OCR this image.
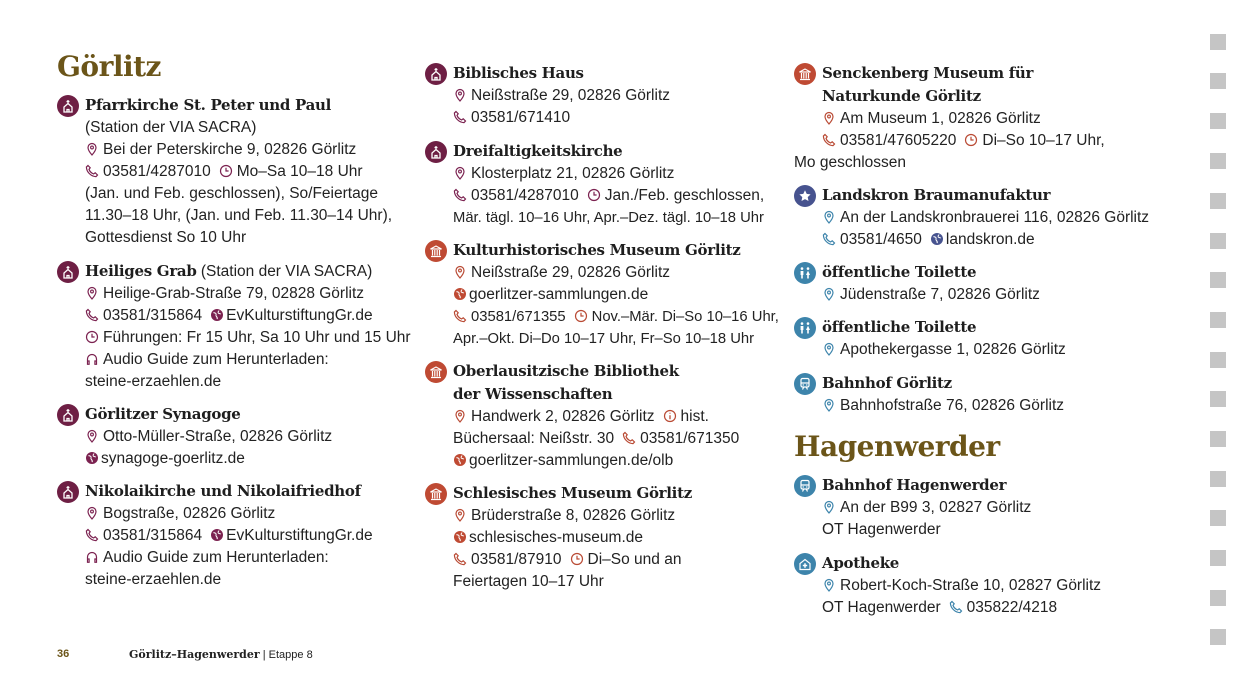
Görlitz
Pfarrkirche St. Peter und Paul
(Station der VIA SACRA)
Bei der Peterskirche 9, 02826 Görlitz
03581/4287010 Mo–Sa 10–18 Uhr
(Jan. und Feb. geschlossen), So/Feiertage 11.30–18 Uhr, (Jan. und Feb. 11.30–14 Uhr), Gottesdienst So 10 Uhr
Heiliges Grab (Station der VIA SACRA)
Heilige-Grab-Straße 79, 02828 Görlitz
03581/315864 EvKulturstiftungGr.de
Führungen: Fr 15 Uhr, Sa 10 Uhr und 15 Uhr
Audio Guide zum Herunterladen:
steine-erzaehlen.de
Görlitzer Synagoge
Otto-Müller-Straße, 02826 Görlitz
synagoge-goerlitz.de
Nikolaikirche und Nikolaifriedhof
Bogstraße, 02826 Görlitz
03581/315864 EvKulturstiftungGr.de
Audio Guide zum Herunterladen:
steine-erzaehlen.de
Biblisches Haus
Neißstraße 29, 02826 Görlitz
03581/671410
Dreifaltigkeitskirche
Klosterplatz 21, 02826 Görlitz
03581/4287010 Jan./Feb. geschlossen,
Mär. tägl. 10–16 Uhr, Apr.–Dez. tägl. 10–18 Uhr
Kulturhistorisches Museum Görlitz
Neißstraße 29, 02826 Görlitz
goerlitzer-sammlungen.de
03581/671355 Nov.–Mär. Di–So 10–16 Uhr,
Apr.–Okt. Di–Do 10–17 Uhr, Fr–So 10–18 Uhr
Oberlausitzische Bibliothek
der Wissenschaften
Handwerk 2, 02826 Görlitz hist.
Büchersaal: Neißstr. 30 03581/671350
goerlitzer-sammlungen.de/olb
Schlesisches Museum Görlitz
Brüderstraße 8, 02826 Görlitz
schlesisches-museum.de
03581/87910 Di–So und an
Feiertagen 10–17 Uhr
Senckenberg Museum für
Naturkunde Görlitz
Am Museum 1, 02826 Görlitz
03581/47605220 Di–So 10–17 Uhr,
Mo geschlossen
Landskron Braumanufaktur
An der Landskronbrauerei 116, 02826 Görlitz
03581/4650 landskron.de
öffentliche Toilette
Jüdenstraße 7, 02826 Görlitz
öffentliche Toilette
Apothekergasse 1, 02826 Görlitz
Bahnhof Görlitz
Bahnhofstraße 76, 02826 Görlitz
Hagenwerder
Bahnhof Hagenwerder
An der B99 3, 02827 Görlitz
OT Hagenwerder
Apotheke
Robert-Koch-Straße 10, 02827 Görlitz
OT Hagenwerder 035822/4218
36	Görlitz–Hagenwerder | Etappe 8
